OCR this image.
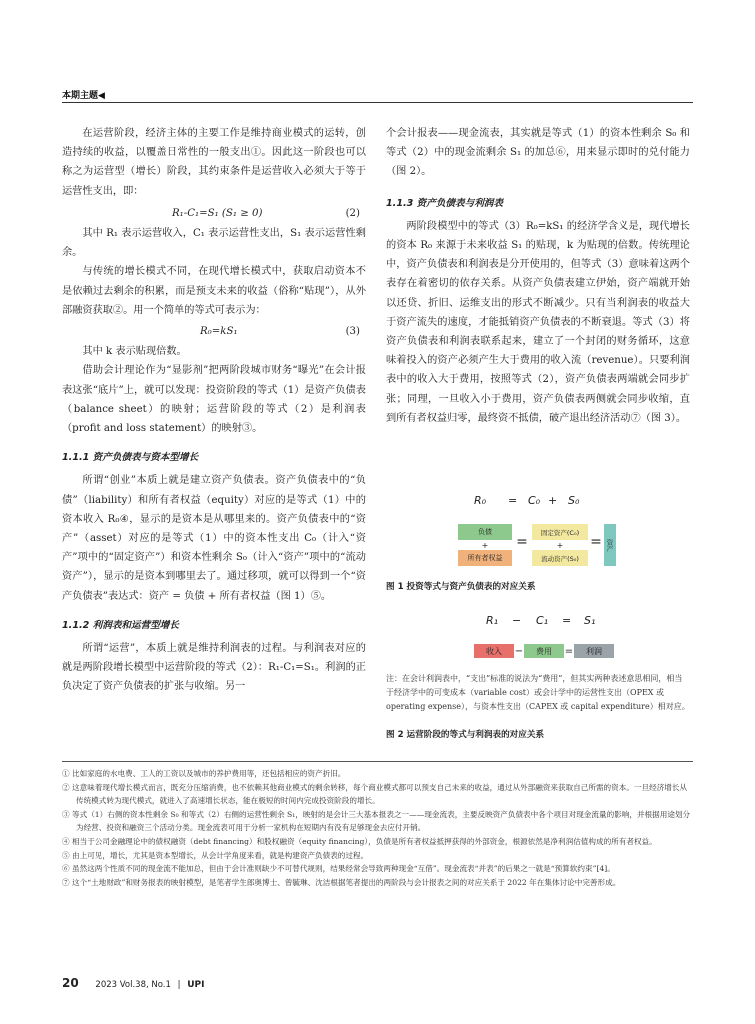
本期主题◀

在运营阶段，经济主体的主要工作是维持商业模式的运转，创造持续的收益，以覆盖日常性的一般支出①。因此这一阶段也可以称之为运营型（增长）阶段，其约束条件是运营收入必须大于等于运营性支出，即：

R₁-C₁=S₁ (S₁ ≥ 0)	(2)

其中 R₁ 表示运营收入，C₁ 表示运营性支出，S₁ 表示运营性剩余。

与传统的增长模式不同，在现代增长模式中，获取启动资本不是依赖过去剩余的积累，而是预支未来的收益（俗称“贴现”），从外部融资获取②。用一个简单的等式可表示为：

R₀=kS₁	(3)

其中 k 表示贴现倍数。

借助会计理论作为“显影剂”把两阶段城市财务“曝光”在会计报表这张“底片”上，就可以发现：投资阶段的等式（1）是资产负债表（balance sheet）的映射；运营阶段的等式（2）是利润表（profit and loss statement）的映射③。

1.1.1 资产负债表与资本型增长

所谓“创业”本质上就是建立资产负债表。资产负债表中的“负债”（liability）和所有者权益（equity）对应的是等式（1）中的资本收入 R₀④，显示的是资本是从哪里来的。资产负债表中的“资产”（asset）对应的是等式（1）中的资本性支出 C₀（计入“资产”项中的“固定资产”）和资本性剩余 S₀（计入“资产”项中的“流动资产”），显示的是资本到哪里去了。通过移项，就可以得到一个“资产负债表”表达式：资产 = 负债 + 所有者权益（图 1）⑤。

1.1.2 利润表和运营型增长

所谓“运营”，本质上就是维持利润表的过程。与利润表对应的就是两阶段增长模型中运营阶段的等式（2）：R₁-C₁=S₁。利润的正负决定了资产负债表的扩张与收缩。另一

个会计报表——现金流表，其实就是等式（1）的资本性剩余 S₀ 和等式（2）中的现金流剩余 S₁ 的加总⑥，用来显示即时的兑付能力（图 2）。

1.1.3 资产负债表与利润表

两阶段模型中的等式（3）R₀=kS₁ 的经济学含义是，现代增长的资本 R₀ 来源于未来收益 S₁ 的贴现，k 为贴现的倍数。传统理论中，资产负债表和利润表是分开使用的，但等式（3）意味着这两个表存在着密切的依存关系。从资产负债表建立伊始，资产端就开始以还贷、折旧、运维支出的形式不断减少。只有当利润表的收益大于资产流失的速度，才能抵销资产负债表的不断衰退。等式（3）将资产负债表和利润表联系起来，建立了一个封闭的财务循环，这意味着投入的资产必须产生大于费用的收入流（revenue）。只要利润表中的收入大于费用，按照等式（2），资产负债表两端就会同步扩张；同理，一旦收入小于费用，资产负债表两侧就会同步收缩，直到所有者权益归零，最终资不抵债，破产退出经济活动⑦（图 3）。

R₀ = C₀ + S₀
负债
+
所有者权益
=
固定资产(C₀)
+
流动资产(S₀)
= 资产
图 1 投资等式与资产负债表的对应关系
R₁ − C₁ = S₁
收入	−	费用	=	利润
注：在会计利润表中，“支出”标准的说法为“费用”，但其实两种表述意思相同，相当于经济学中的可变成本（variable cost）或会计学中的运营性支出（OPEX 或 operating expense），与资本性支出（CAPEX 或 capital expenditure）相对应。
图 2 运营阶段的等式与利润表的对应关系
① 比如家庭的水电费、工人的工资以及城市的养护费用等，还包括相应的资产折旧。
② 这意味着现代增长模式而言，既充分压缩消费，也不依赖其他商业模式的剩余转移，每个商业模式都可以预支自己未来的收益，通过从外部融资来获取自己所需的资本。一旦经济增长从传统模式转为现代模式，就进入了高速增长状态，能在极短的时间内完成投资阶段的增长。
③ 等式（1）右侧的资本性剩余 S₀ 和等式（2）右侧的运营性剩余 S₁，映射的是会计三大基本报表之一——现金流表，主要反映资产负债表中各个项目对现金流量的影响，并根据用途划分为经营、投资和融资三个活动分类。现金流表可用于分析一家机构在短期内有没有足够现金去应付开销。
④ 相当于公司金融理论中的债权融资（debt financing）和股权融资（equity financing），负债是所有者权益抵押获得的外部资金，根源依然是净利润估值构成的所有者权益。
⑤ 由上可见，增长，尤其是资本型增长，从会计学角度来看，就是构建资产负债表的过程。
⑥ 虽然这两个性质不同的现金流不能加总，但由于会计准则缺少不可替代规则，结果经常会导致两种现金“互借”。现金流表“并表”的后果之一就是“预算软约束”[4]。
⑦ 这个“土地财政”和财务报表的映射模型，是笔者学生郎奥博士、曾毓琳、沈洁根据笔者提出的两阶段与会计报表之间的对应关系于 2022 年在集体讨论中完善形成。
20 2023 Vol.38, No.1 | UPI
